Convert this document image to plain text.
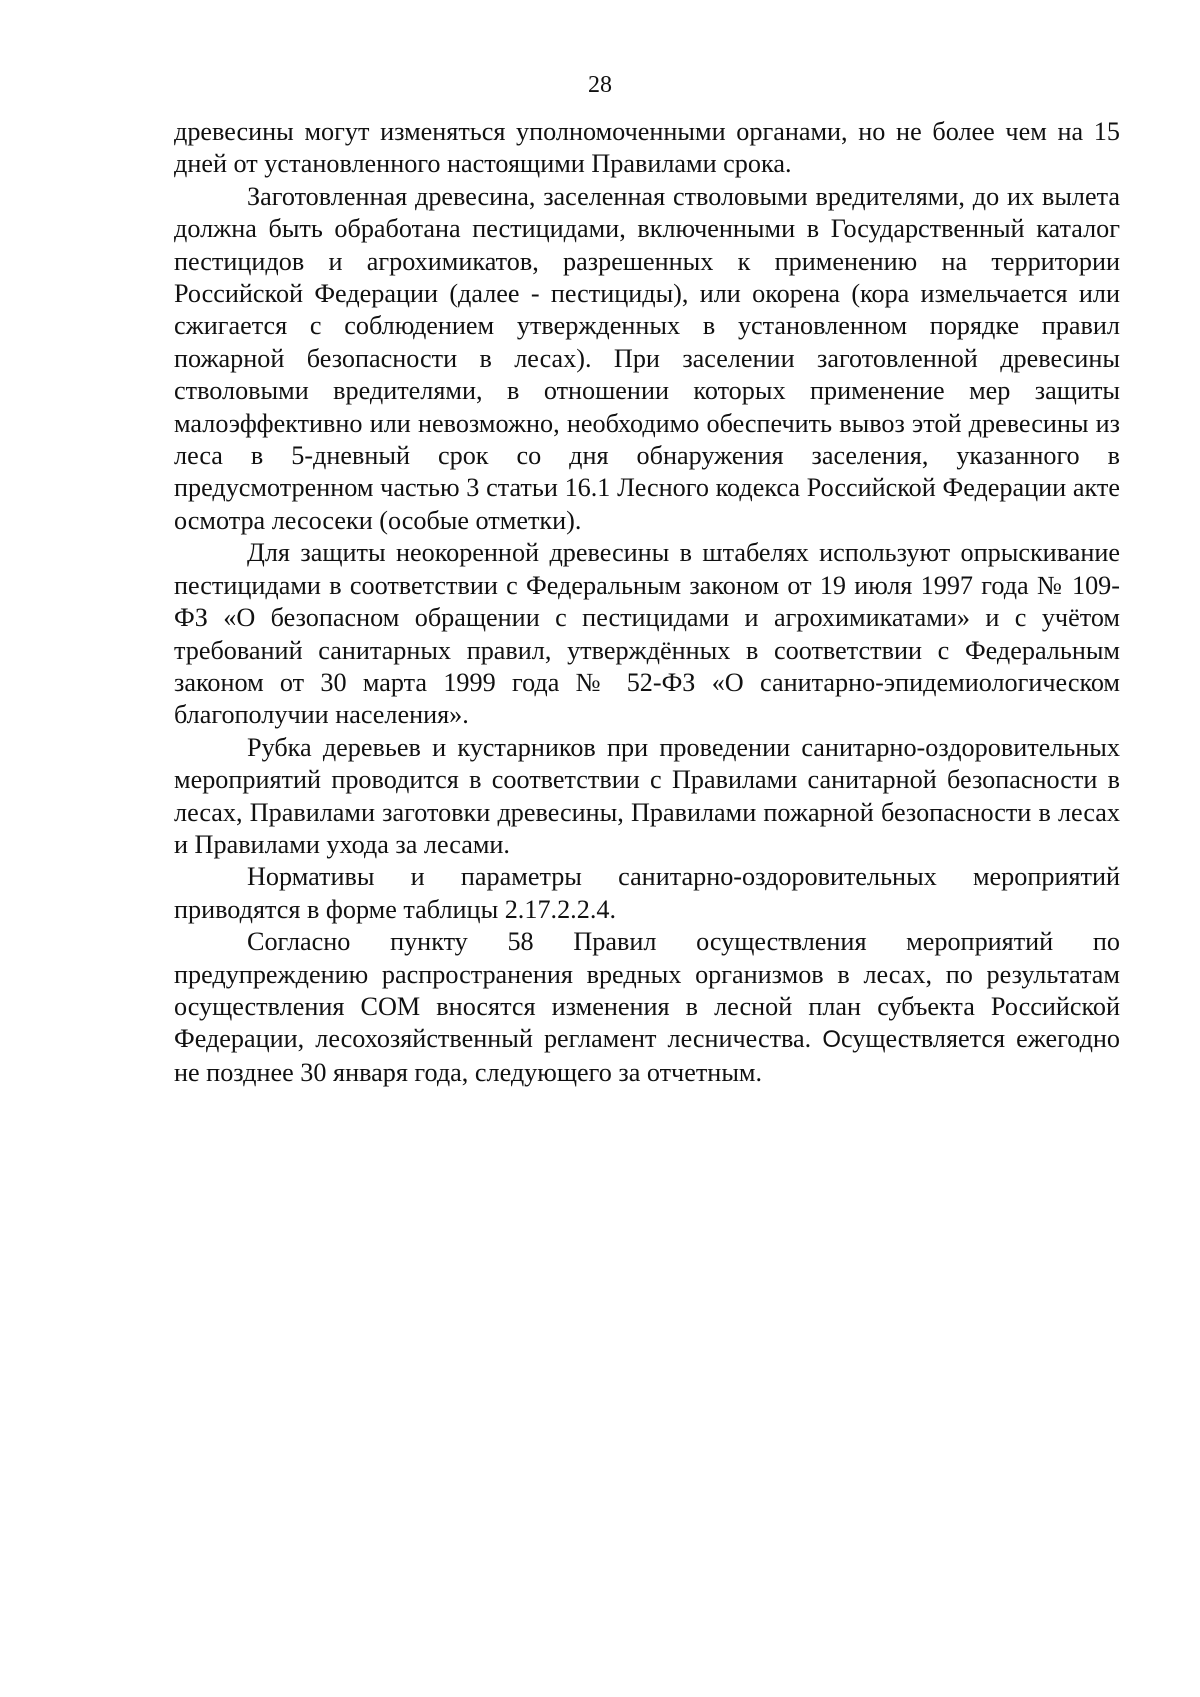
28

древесины могут изменяться уполномоченными органами, но не более чем на 15 дней от установленного настоящими Правилами срока.

Заготовленная древесина, заселенная стволовыми вредителями, до их вылета должна быть обработана пестицидами, включенными в Государственный каталог пестицидов и агрохимикатов, разрешенных к применению на территории Российской Федерации (далее - пестициды), или окорена (кора измельчается или сжигается с соблюдением утвержденных в установленном порядке правил пожарной безопасности в лесах). При заселении заготовленной древесины стволовыми вредителями, в отношении которых применение мер защиты малоэффективно или невозможно, необходимо обеспечить вывоз этой древесины из леса в 5-дневный срок со дня обнаружения заселения, указанного в предусмотренном частью 3 статьи 16.1 Лесного кодекса Российской Федерации акте осмотра лесосеки (особые отметки).

Для защиты неокоренной древесины в штабелях используют опрыскивание пестицидами в соответствии с Федеральным законом от 19 июля 1997 года № 109-ФЗ «О безопасном обращении с пестицидами и агрохимикатами» и с учётом требований санитарных правил, утверждённых в соответствии с Федеральным законом от 30 марта 1999 года № 52-ФЗ «О санитарно-эпидемиологическом благополучии населения».

Рубка деревьев и кустарников при проведении санитарно-оздоровительных мероприятий проводится в соответствии с Правилами санитарной безопасности в лесах, Правилами заготовки древесины, Правилами пожарной безопасности в лесах и Правилами ухода за лесами.

Нормативы и параметры санитарно-оздоровительных мероприятий приводятся в форме таблицы 2.17.2.2.4.

Согласно пункту 58 Правил осуществления мероприятий по предупреждению распространения вредных организмов в лесах, по результатам осуществления СОМ вносятся изменения в лесной план субъекта Российской Федерации, лесохозяйственный регламент лесничества. Осуществляется ежегодно не позднее 30 января года, следующего за отчетным.
